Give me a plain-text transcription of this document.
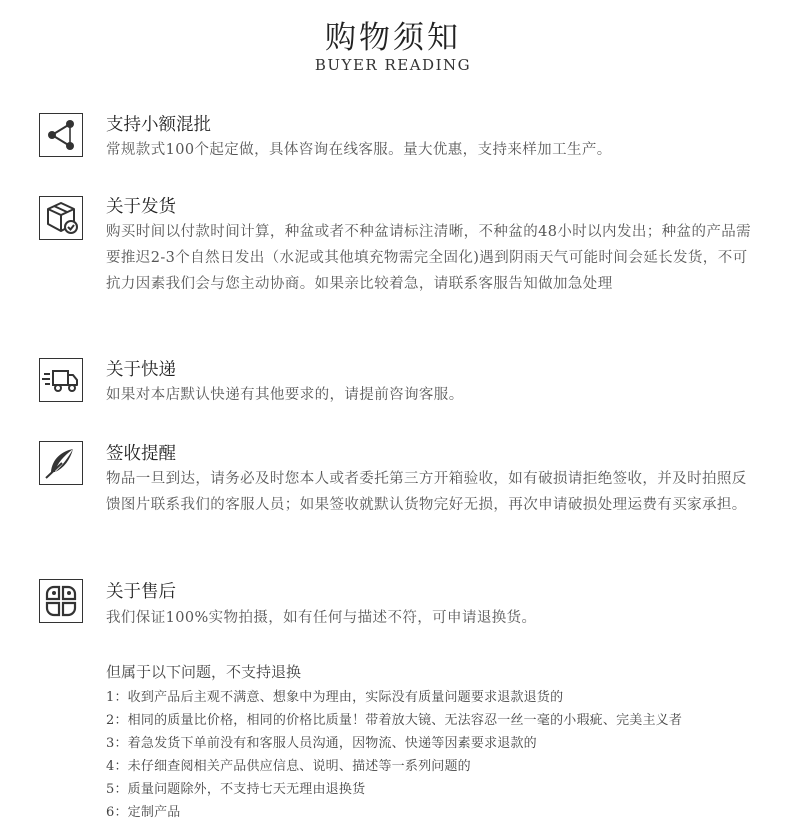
购物须知
BUYER READING
支持小额混批
常规款式100个起定做，具体咨询在线客服。量大优惠，支持来样加工生产。
关于发货
购买时间以付款时间计算，种盆或者不种盆请标注清晰，不种盆的48小时以内发出；种盆的产品需要推迟2-3个自然日发出（水泥或其他填充物需完全固化)遇到阴雨天气可能时间会延长发货，不可抗力因素我们会与您主动协商。如果亲比较着急，请联系客服告知做加急处理
关于快递
如果对本店默认快递有其他要求的，请提前咨询客服。
签收提醒
物品一旦到达，请务必及时您本人或者委托第三方开箱验收，如有破损请拒绝签收，并及时拍照反馈图片联系我们的客服人员；如果签收就默认货物完好无损，再次申请破损处理运费有买家承担。
关于售后
我们保证100%实物拍摄，如有任何与描述不符，可申请退换货。
但属于以下问题，不支持退换
1：收到产品后主观不满意、想象中为理由，实际没有质量问题要求退款退货的
2：相同的质量比价格，相同的价格比质量！带着放大镜、无法容忍一丝一毫的小瑕疵、完美主义者
3：着急发货下单前没有和客服人员沟通，因物流、快递等因素要求退款的
4：未仔细查阅相关产品供应信息、说明、描述等一系列问题的
5：质量问题除外，不支持七天无理由退换货
6：定制产品
